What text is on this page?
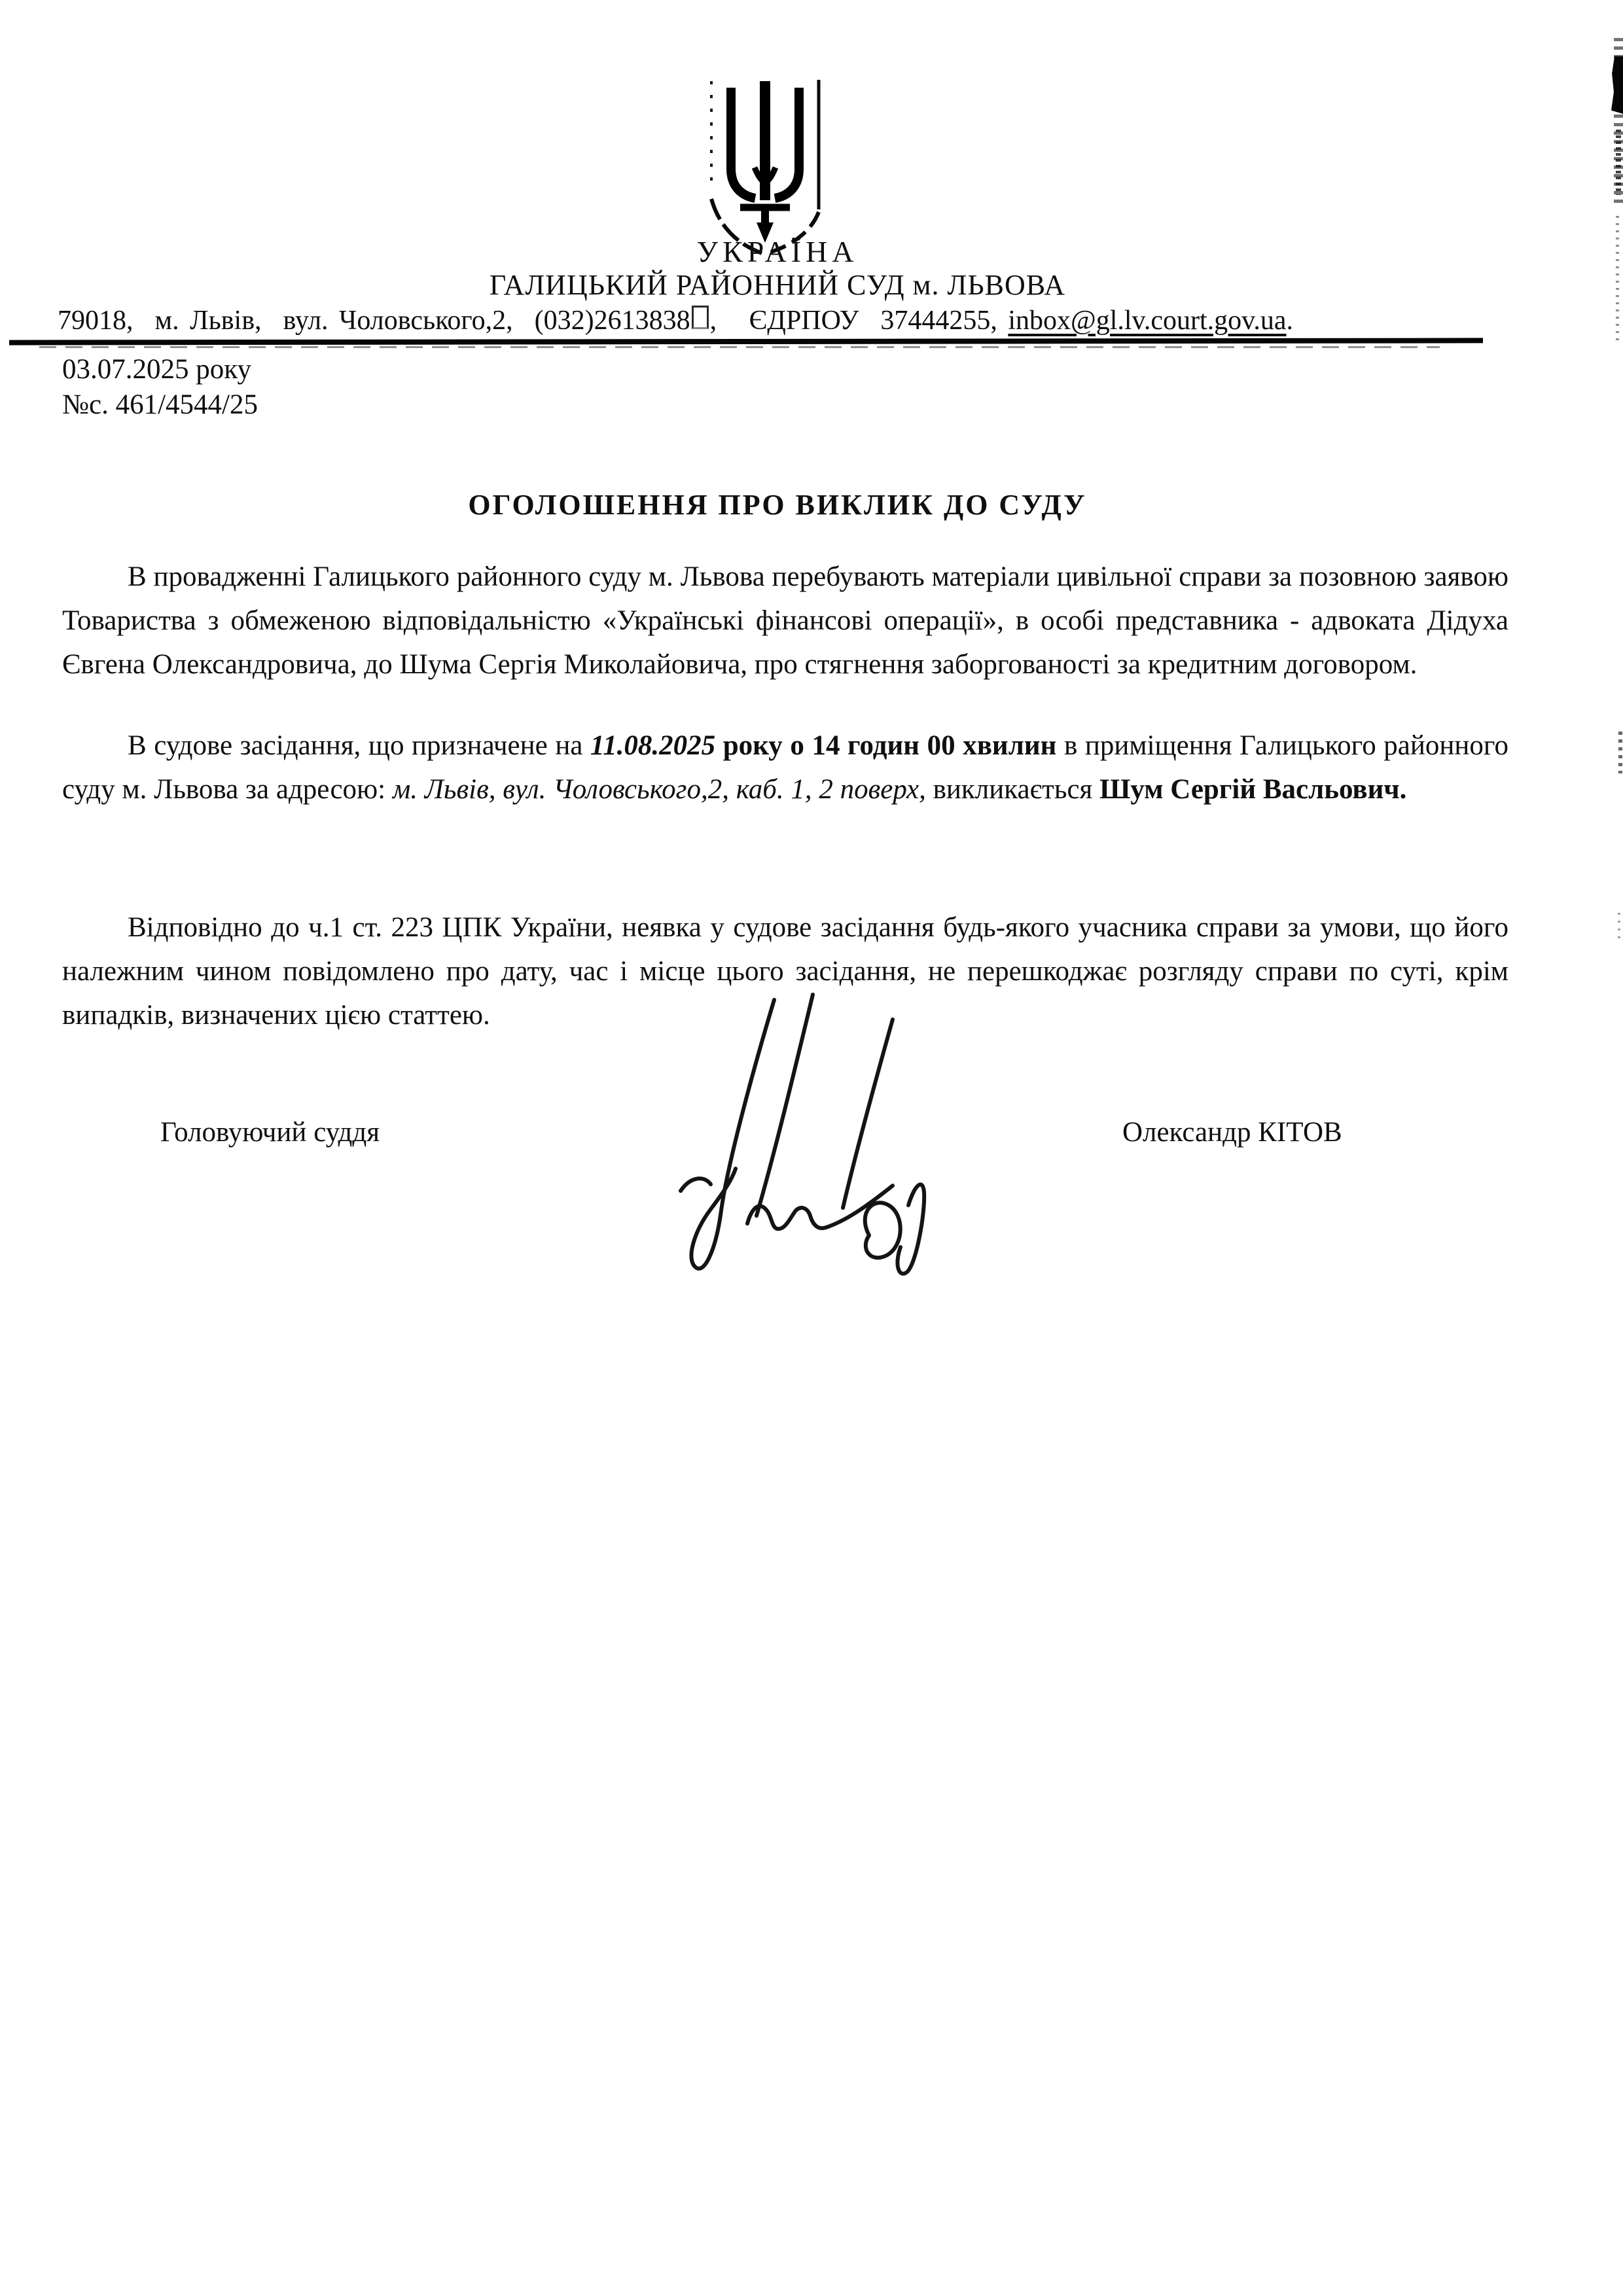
УКРАЇНА
ГАЛИЦЬКИЙ РАЙОННИЙ СУД м. ЛЬВОВА
79018,  м. Львів,  вул. Чоловського,2,  (032)2613838 ,   ЄДРПОУ  37444255, inbox@gl.lv.court.gov.ua.
03.07.2025 року
№с. 461/4544/25
ОГОЛОШЕННЯ ПРО ВИКЛИК ДО СУДУ
В провадженні Галицького районного суду м. Львова перебувають матеріали цивільної справи за позовною заявою Товариства з обмеженою відповідальністю «Українські фінансові операції», в особі представника - адвоката Дідуха Євгена Олександровича, до Шума Сергія Миколайовича, про стягнення заборгованості за кредитним договором.
В судове засідання, що призначене на 11.08.2025 року о 14 годин 00 хвилин в приміщення Галицького районного суду м. Львова за адресою: м. Львів, вул. Чоловського,2, каб. 1, 2 поверх, викликається Шум Сергій Васльович.
Відповідно до ч.1 ст. 223 ЦПК України, неявка у судове засідання будь-якого учасника справи за умови, що його належним чином повідомлено про дату, час і місце цього засідання, не перешкоджає розгляду справи по суті, крім випадків, визначених цією статтею.
Головуючий суддя	Олександр КІТОВ
